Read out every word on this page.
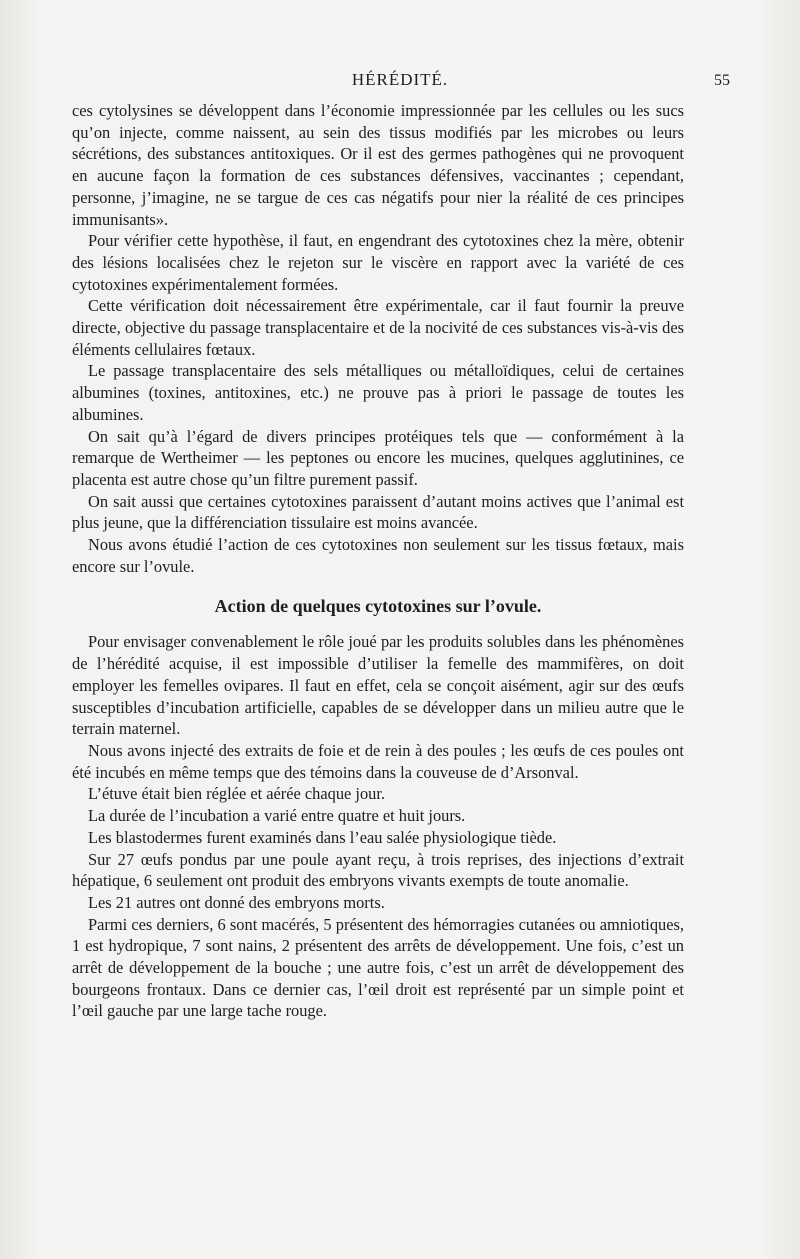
HÉRÉDITÉ.	55

ces cytolysines se développent dans l’économie impressionnée par les cellules ou les sucs qu’on injecte, comme naissent, au sein des tissus modifiés par les microbes ou leurs sécrétions, des substances antitoxiques. Or il est des germes pathogènes qui ne provoquent en aucune façon la formation de ces substances défensives, vaccinantes ; cependant, personne, j’imagine, ne se targue de ces cas négatifs pour nier la réalité de ces principes immunisants».

Pour vérifier cette hypothèse, il faut, en engendrant des cytotoxines chez la mère, obtenir des lésions localisées chez le rejeton sur le viscère en rapport avec la variété de ces cytotoxines expérimentalement formées.

Cette vérification doit nécessairement être expérimentale, car il faut fournir la preuve directe, objective du passage transplacentaire et de la nocivité de ces substances vis-à-vis des éléments cellulaires fœtaux.

Le passage transplacentaire des sels métalliques ou métalloïdiques, celui de certaines albumines (toxines, antitoxines, etc.) ne prouve pas à priori le passage de toutes les albumines.

On sait qu’à l’égard de divers principes protéiques tels que — conformément à la remarque de Wertheimer — les peptones ou encore les mucines, quelques agglutinines, ce placenta est autre chose qu’un filtre purement passif.

On sait aussi que certaines cytotoxines paraissent d’autant moins actives que l’animal est plus jeune, que la différenciation tissulaire est moins avancée.

Nous avons étudié l’action de ces cytotoxines non seulement sur les tissus fœtaux, mais encore sur l’ovule.

Action de quelques cytotoxines sur l’ovule.

Pour envisager convenablement le rôle joué par les produits solubles dans les phénomènes de l’hérédité acquise, il est impossible d’utiliser la femelle des mammifères, on doit employer les femelles ovipares. Il faut en effet, cela se conçoit aisément, agir sur des œufs susceptibles d’incubation artificielle, capables de se développer dans un milieu autre que le terrain maternel.

Nous avons injecté des extraits de foie et de rein à des poules ; les œufs de ces poules ont été incubés en même temps que des témoins dans la couveuse de d’Arsonval.

L’étuve était bien réglée et aérée chaque jour.

La durée de l’incubation a varié entre quatre et huit jours.

Les blastodermes furent examinés dans l’eau salée physiologique tiède.

Sur 27 œufs pondus par une poule ayant reçu, à trois reprises, des injections d’extrait hépatique, 6 seulement ont produit des embryons vivants exempts de toute anomalie.

Les 21 autres ont donné des embryons morts.

Parmi ces derniers, 6 sont macérés, 5 présentent des hémorragies cutanées ou amniotiques, 1 est hydropique, 7 sont nains, 2 présentent des arrêts de développement. Une fois, c’est un arrêt de développement de la bouche ; une autre fois, c’est un arrêt de développement des bourgeons frontaux. Dans ce dernier cas, l’œil droit est représenté par un simple point et l’œil gauche par une large tache rouge.
